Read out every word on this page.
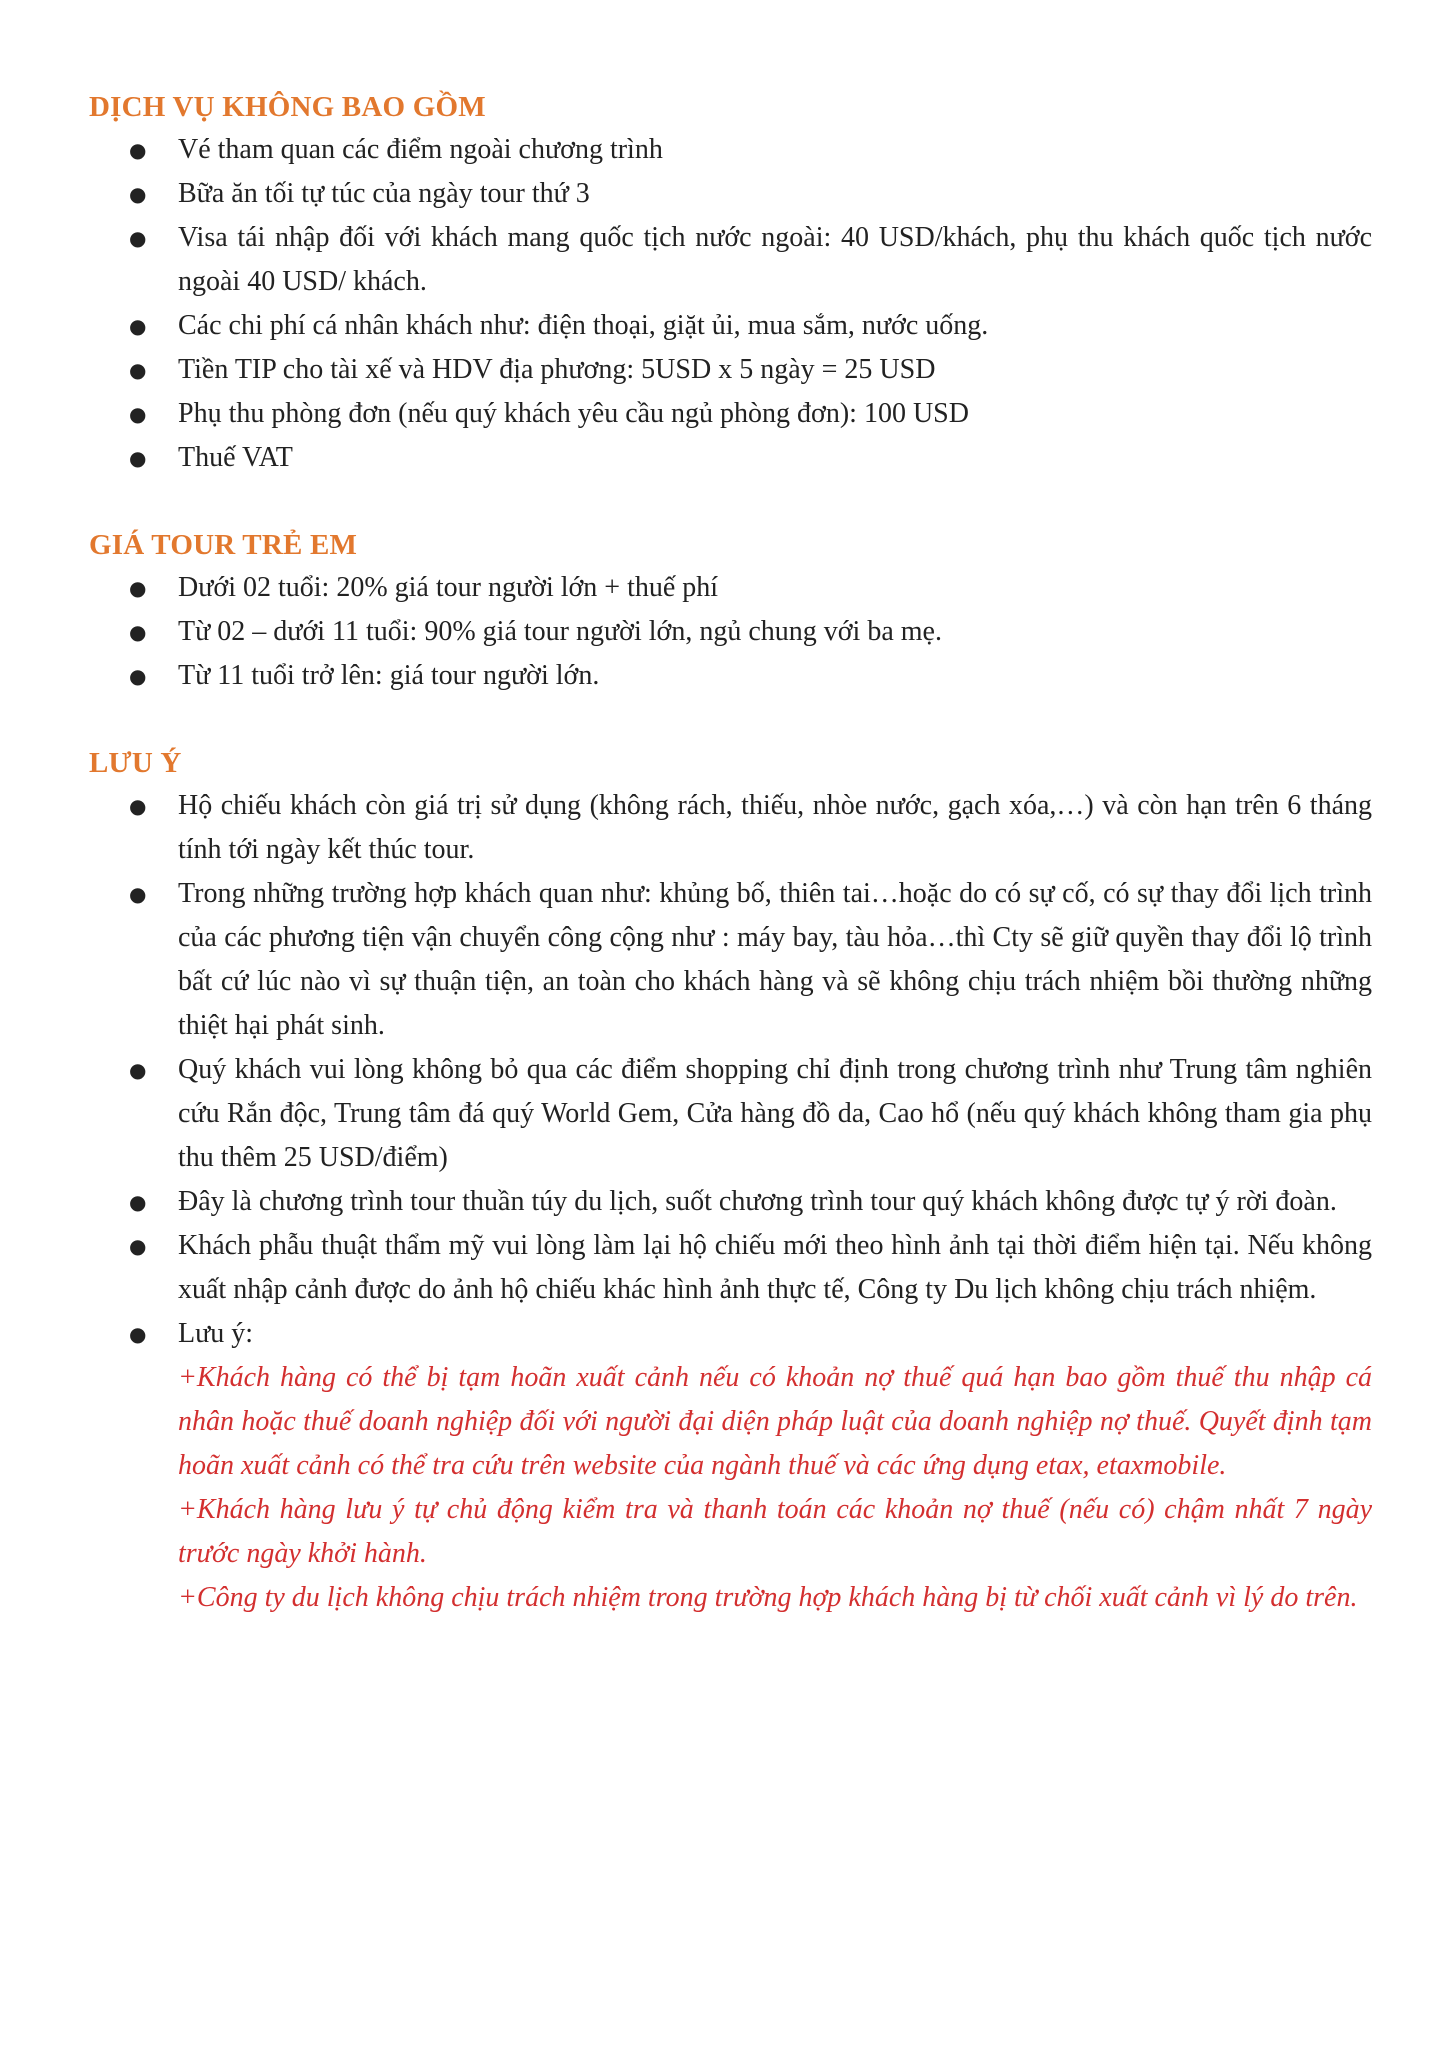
DỊCH VỤ KHÔNG BAO GỒM
● Vé tham quan các điểm ngoài chương trình
● Bữa ăn tối tự túc của ngày tour thứ 3
● Visa tái nhập đối với khách mang quốc tịch nước ngoài: 40 USD/khách, phụ thu khách quốc tịch nước ngoài 40 USD/ khách.
● Các chi phí cá nhân khách như: điện thoại, giặt ủi, mua sắm, nước uống.
● Tiền TIP cho tài xế và HDV địa phương: 5USD x 5 ngày = 25 USD
● Phụ thu phòng đơn (nếu quý khách yêu cầu ngủ phòng đơn): 100 USD
● Thuế VAT
GIÁ TOUR TRẺ EM
● Dưới 02 tuổi: 20% giá tour người lớn + thuế phí
● Từ 02 – dưới 11 tuổi: 90% giá tour người lớn, ngủ chung với ba mẹ.
● Từ 11 tuổi trở lên: giá tour người lớn.
LƯU Ý
● Hộ chiếu khách còn giá trị sử dụng (không rách, thiếu, nhòe nước, gạch xóa,…) và còn hạn trên 6 tháng tính tới ngày kết thúc tour.
● Trong những trường hợp khách quan như: khủng bố, thiên tai…hoặc do có sự cố, có sự thay đổi lịch trình của các phương tiện vận chuyển công cộng như : máy bay, tàu hỏa…thì Cty sẽ giữ quyền thay đổi lộ trình bất cứ lúc nào vì sự thuận tiện, an toàn cho khách hàng và sẽ không chịu trách nhiệm bồi thường những thiệt hại phát sinh.
● Quý khách vui lòng không bỏ qua các điểm shopping chỉ định trong chương trình như Trung tâm nghiên cứu Rắn độc, Trung tâm đá quý World Gem, Cửa hàng đồ da, Cao hổ (nếu quý khách không tham gia phụ thu thêm 25 USD/điểm)
● Đây là chương trình tour thuần túy du lịch, suốt chương trình tour quý khách không được tự ý rời đoàn.
● Khách phẫu thuật thẩm mỹ vui lòng làm lại hộ chiếu mới theo hình ảnh tại thời điểm hiện tại. Nếu không xuất nhập cảnh được do ảnh hộ chiếu khác hình ảnh thực tế, Công ty Du lịch không chịu trách nhiệm.
● Lưu ý:
+Khách hàng có thể bị tạm hoãn xuất cảnh nếu có khoản nợ thuế quá hạn bao gồm thuế thu nhập cá nhân hoặc thuế doanh nghiệp đối với người đại diện pháp luật của doanh nghiệp nợ thuế. Quyết định tạm hoãn xuất cảnh có thể tra cứu trên website của ngành thuế và các ứng dụng etax, etaxmobile.
+Khách hàng lưu ý tự chủ động kiểm tra và thanh toán các khoản nợ thuế (nếu có) chậm nhất 7 ngày trước ngày khởi hành.
+Công ty du lịch không chịu trách nhiệm trong trường hợp khách hàng bị từ chối xuất cảnh vì lý do trên.
